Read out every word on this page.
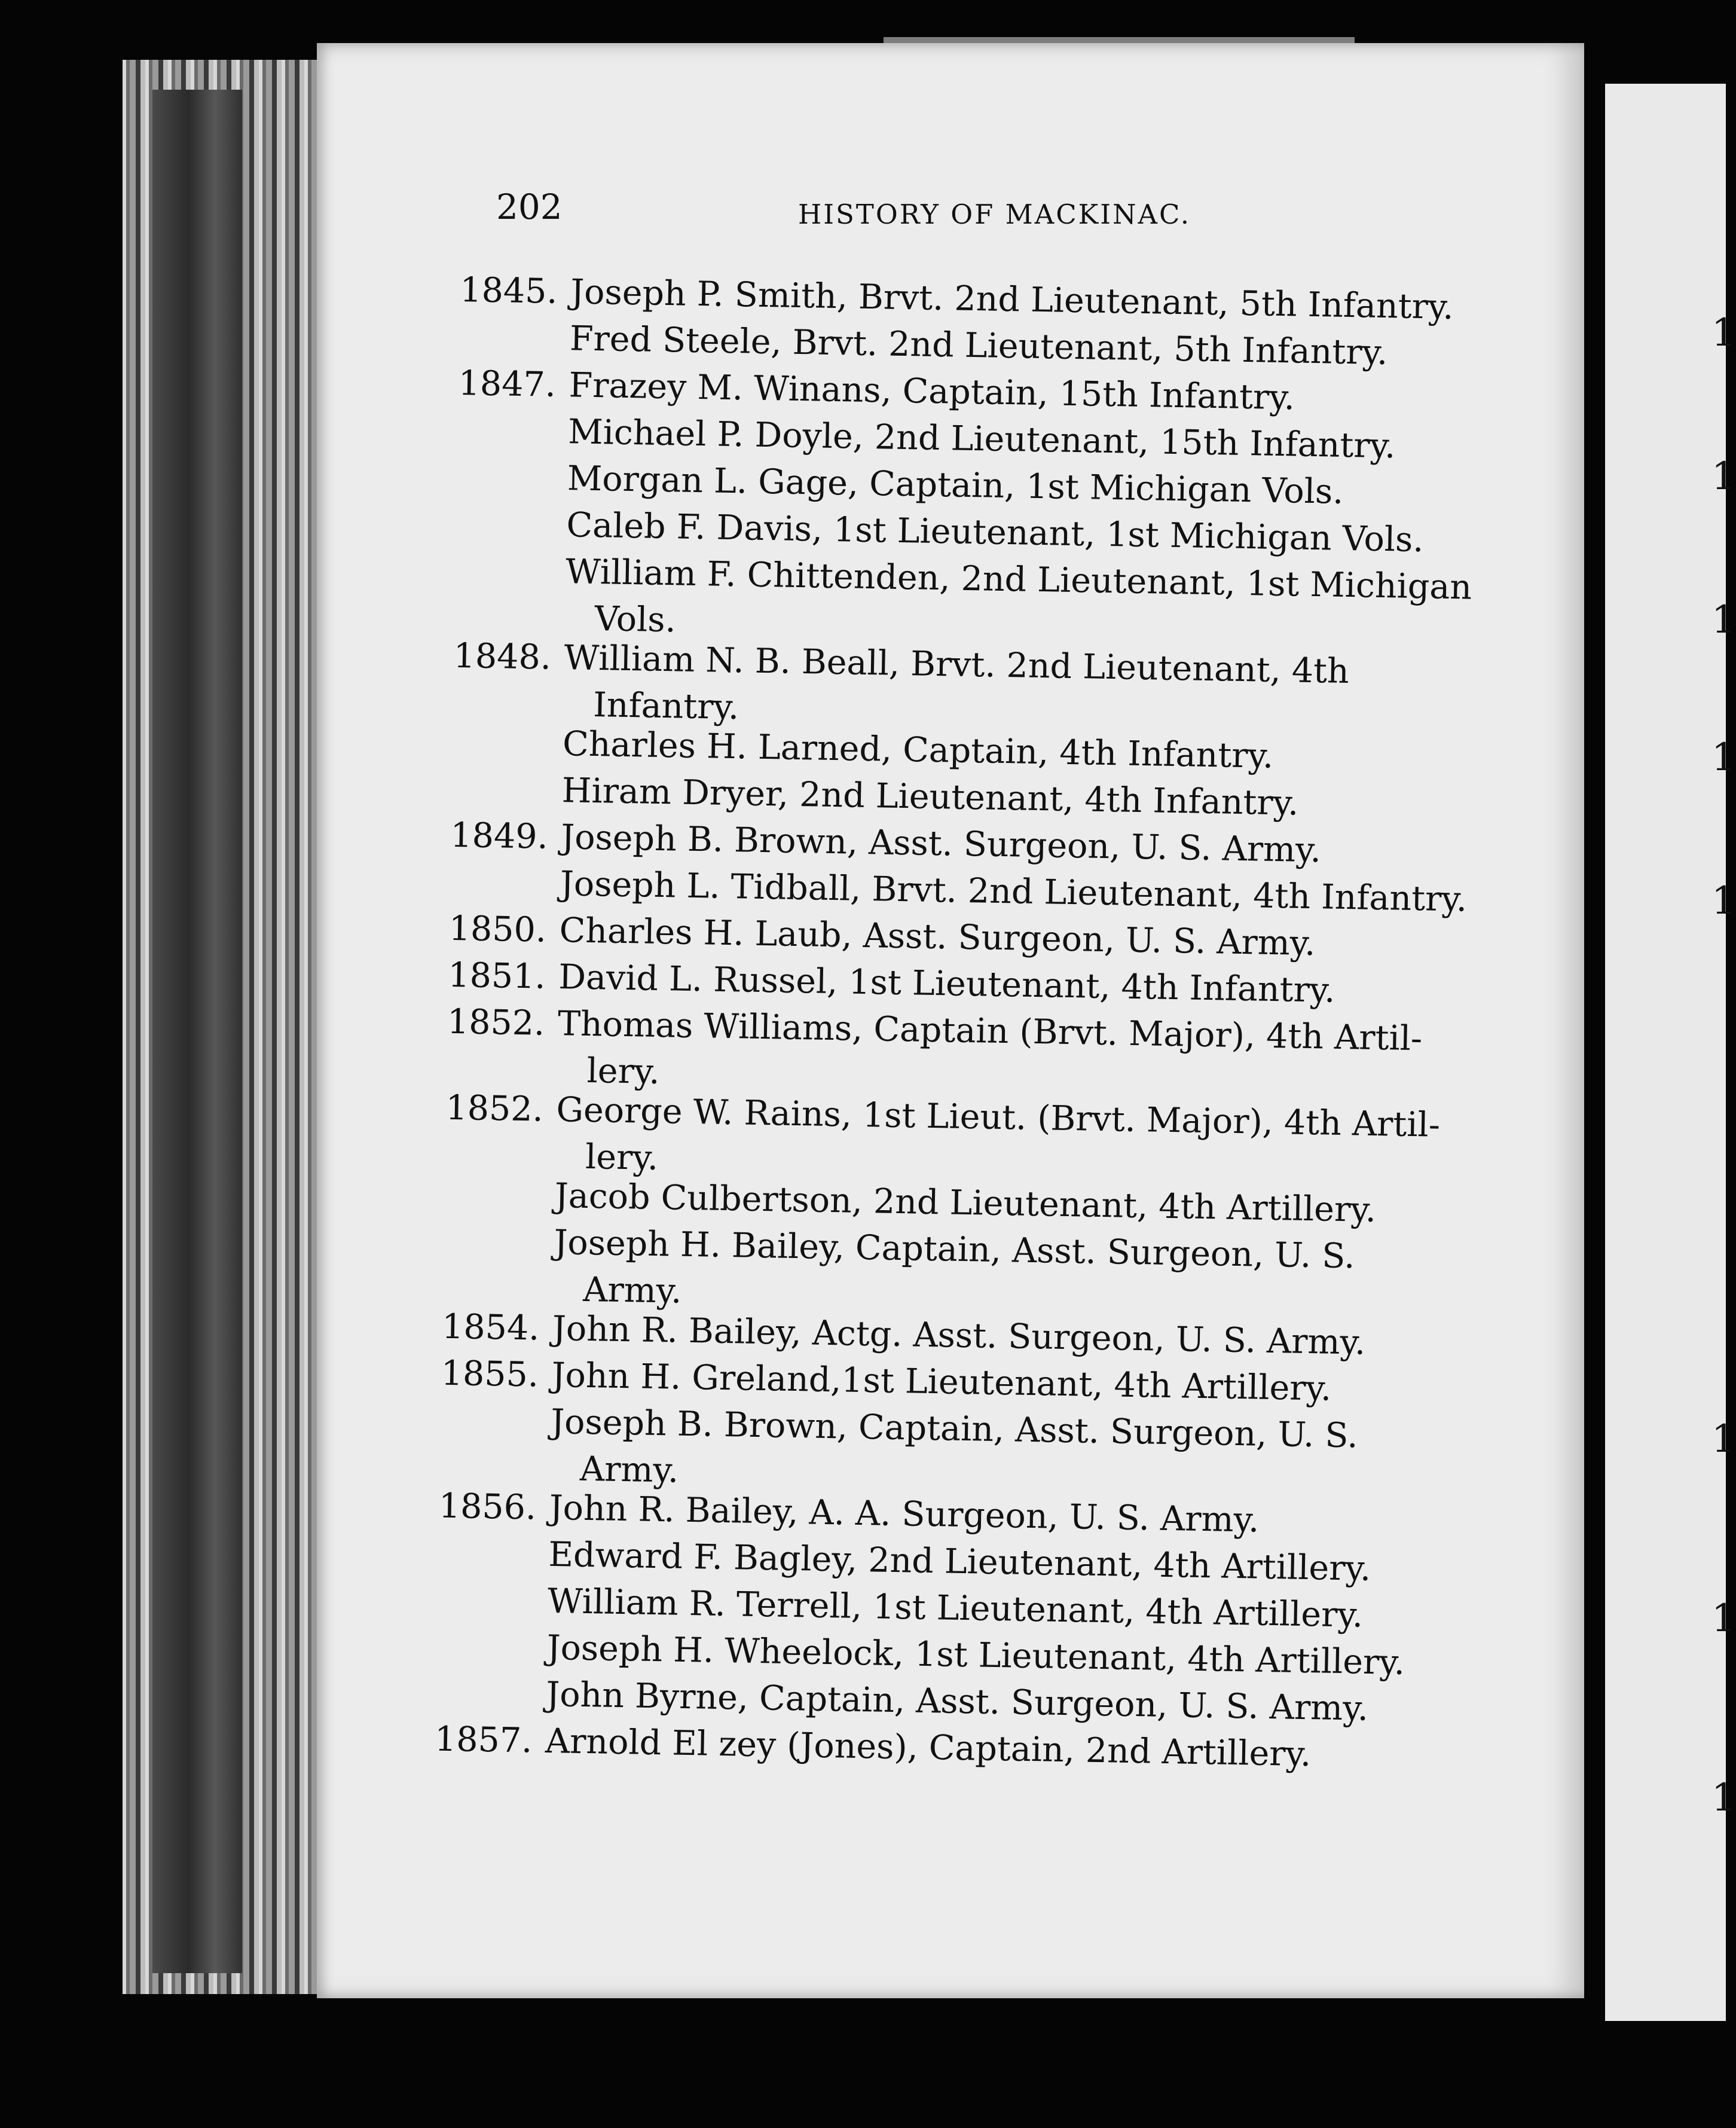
202	HISTORY OF MACKINAC.
1845. Joseph P. Smith, Brvt. 2nd Lieutenant, 5th Infantry.
Fred Steele, Brvt. 2nd Lieutenant, 5th Infantry.
1847. Frazey M. Winans, Captain, 15th Infantry.
Michael P. Doyle, 2nd Lieutenant, 15th Infantry.
Morgan L. Gage, Captain, 1st Michigan Vols.
Caleb F. Davis, 1st Lieutenant, 1st Michigan Vols.
William F. Chittenden, 2nd Lieutenant, 1st Michigan
Vols.
1848. William N. B. Beall, Brvt. 2nd Lieutenant, 4th
Infantry.
Charles H. Larned, Captain, 4th Infantry.
Hiram Dryer, 2nd Lieutenant, 4th Infantry.
1849. Joseph B. Brown, Asst. Surgeon, U. S. Army.
Joseph L. Tidball, Brvt. 2nd Lieutenant, 4th Infantry.
1850. Charles H. Laub, Asst. Surgeon, U. S. Army.
1851. David L. Russel, 1st Lieutenant, 4th Infantry.
1852. Thomas Williams, Captain (Brvt. Major), 4th Artil-
lery.
1852. George W. Rains, 1st Lieut. (Brvt. Major), 4th Artil-
lery.
Jacob Culbertson, 2nd Lieutenant, 4th Artillery.
Joseph H. Bailey, Captain, Asst. Surgeon, U. S.
Army.
1854. John R. Bailey, Actg. Asst. Surgeon, U. S. Army.
1855. John H. Greland,1st Lieutenant, 4th Artillery.
Joseph B. Brown, Captain, Asst. Surgeon, U. S.
Army.
1856. John R. Bailey, A. A. Surgeon, U. S. Army.
Edward F. Bagley, 2nd Lieutenant, 4th Artillery.
William R. Terrell, 1st Lieutenant, 4th Artillery.
Joseph H. Wheelock, 1st Lieutenant, 4th Artillery.
John Byrne, Captain, Asst. Surgeon, U. S. Army.
1857. Arnold El zey (Jones), Captain, 2nd Artillery.
1
1
1
1
1
1
1
1
